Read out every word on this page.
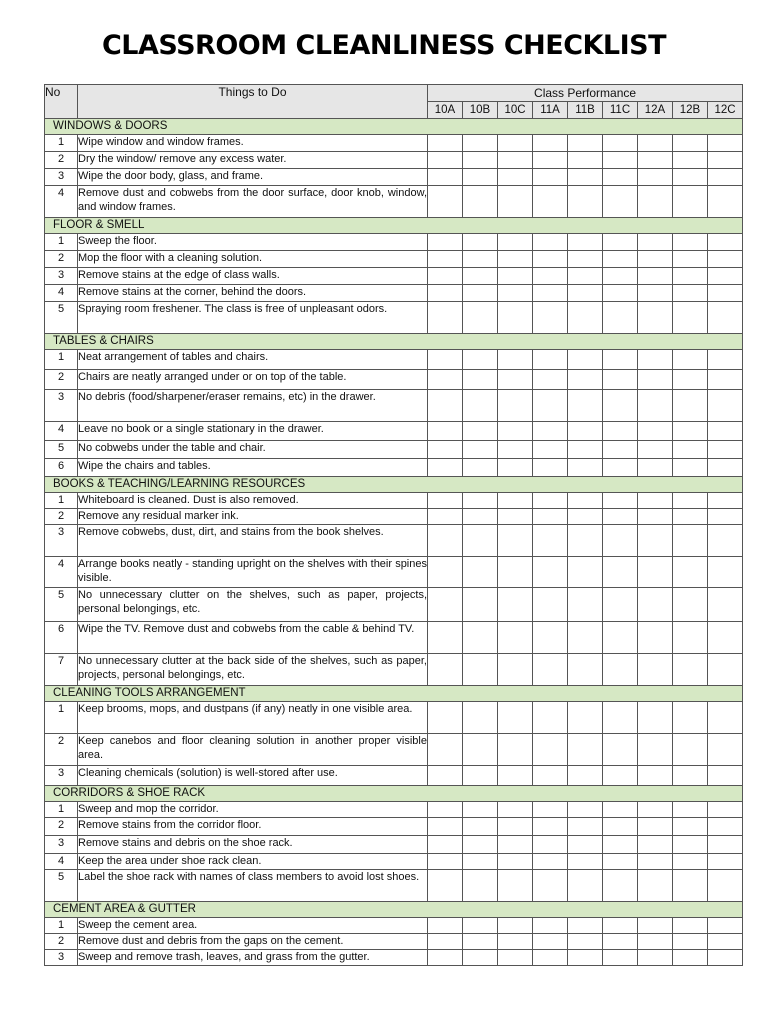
CLASSROOM CLEANLINESS CHECKLIST
No	Things to Do	Class Performance								
		10A	10B	10C	11A	11B	11C	12A	12B	12C
WINDOWS & DOORS										
1	Wipe window and window frames.									
2	Dry the window/ remove any excess water.									
3	Wipe the door body, glass, and frame.									
4	Remove dust and cobwebs from the door surface, door knob, window, and window frames.									
FLOOR & SMELL										
1	Sweep the floor.									
2	Mop the floor with a cleaning solution.									
3	Remove stains at the edge of class walls.									
4	Remove stains at the corner, behind the doors.									
5	Spraying room freshener. The class is free of unpleasant odors.									
TABLES & CHAIRS										
1	Neat arrangement of tables and chairs.									
2	Chairs are neatly arranged under or on top of the table.									
3	No debris (food/sharpener/eraser remains, etc) in the drawer.									
4	Leave no book or a single stationary in the drawer.									
5	No cobwebs under the table and chair.									
6	Wipe the chairs and tables.									
BOOKS & TEACHING/LEARNING RESOURCES										
1	Whiteboard is cleaned. Dust is also removed.									
2	Remove any residual marker ink.									
3	Remove cobwebs, dust, dirt, and stains from the book shelves.									
4	Arrange books neatly - standing upright on the shelves with their spines visible.									
5	No unnecessary clutter on the shelves, such as paper, projects, personal belongings, etc.									
6	Wipe the TV. Remove dust and cobwebs from the cable & behind TV.									
7	No unnecessary clutter at the back side of the shelves, such as paper, projects, personal belongings, etc.									
CLEANING TOOLS ARRANGEMENT										
1	Keep brooms, mops, and dustpans (if any) neatly in one visible area.									
2	Keep canebos and floor cleaning solution in another proper visible area.									
3	Cleaning chemicals (solution) is well-stored after use.									
CORRIDORS & SHOE RACK										
1	Sweep and mop the corridor.									
2	Remove stains from the corridor floor.									
3	Remove stains and debris on the shoe rack.									
4	Keep the area under shoe rack clean.									
5	Label the shoe rack with names of class members to avoid lost shoes.									
CEMENT AREA & GUTTER										
1	Sweep the cement area.									
2	Remove dust and debris from the gaps on the cement.									
3	Sweep and remove trash, leaves, and grass from the gutter.									
